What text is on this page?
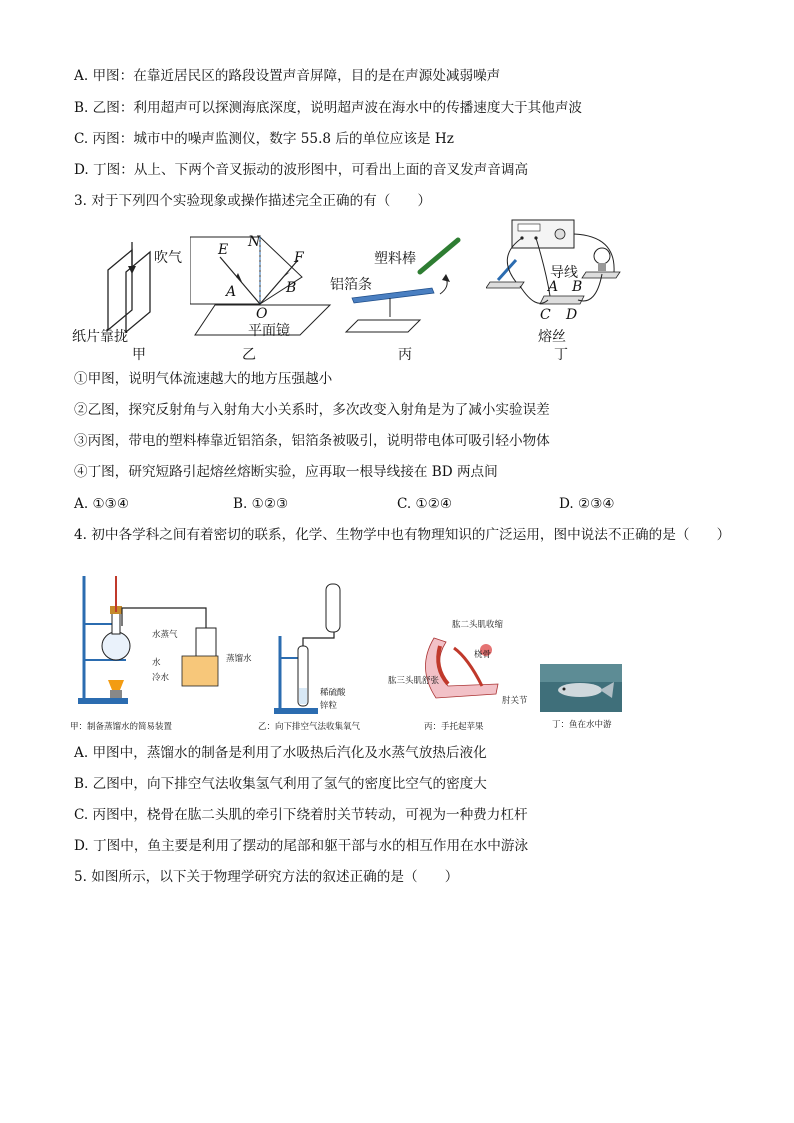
A. 甲图：在靠近居民区的路段设置声音屏障，目的是在声源处减弱噪声
B. 乙图：利用超声可以探测海底深度，说明超声波在海水中的传播速度大于其他声波
C. 丙图：城市中的噪声监测仪，数字 55.8 后的单位应该是 Hz
D. 丁图：从上、下两个音叉振动的波形图中，可看出上面的音叉发声音调高
3. 对于下列四个实验现象或操作描述完全正确的有（　　）
吹气
纸片靠拢
甲
E N
F
A	B
O
平面镜
乙
塑料棒
铝箔条
丙
导线
A B
C D
熔丝
丁
①甲图，说明气体流速越大的地方压强越小
②乙图，探究反射角与入射角大小关系时，多次改变入射角是为了减小实验误差
③丙图，带电的塑料棒靠近铝箔条，铝箔条被吸引，说明带电体可吸引轻小物体
④丁图，研究短路引起熔丝熔断实验，应再取一根导线接在 BD 两点间
A. ①③④	B. ①②③	C. ①②④	D. ②③④
4. 初中各学科之间有着密切的联系，化学、生物学中也有物理知识的广泛运用，图中说法不正确的是（　　）
水蒸气
水
冷水
蒸馏水
甲：制备蒸馏水的简易装置
稀硫酸
锌粒
乙：向下排空气法收集氧气
肱二头肌收缩
桡骨
肱三头肌舒张
肘关节
丙：手托起苹果	丁：鱼在水中游
A. 甲图中，蒸馏水的制备是利用了水吸热后汽化及水蒸气放热后液化
B. 乙图中，向下排空气法收集氢气利用了氢气的密度比空气的密度大
C. 丙图中，桡骨在肱二头肌的牵引下绕着肘关节转动，可视为一种费力杠杆
D. 丁图中，鱼主要是利用了摆动的尾部和躯干部与水的相互作用在水中游泳
5. 如图所示，以下关于物理学研究方法的叙述正确的是（　　）
